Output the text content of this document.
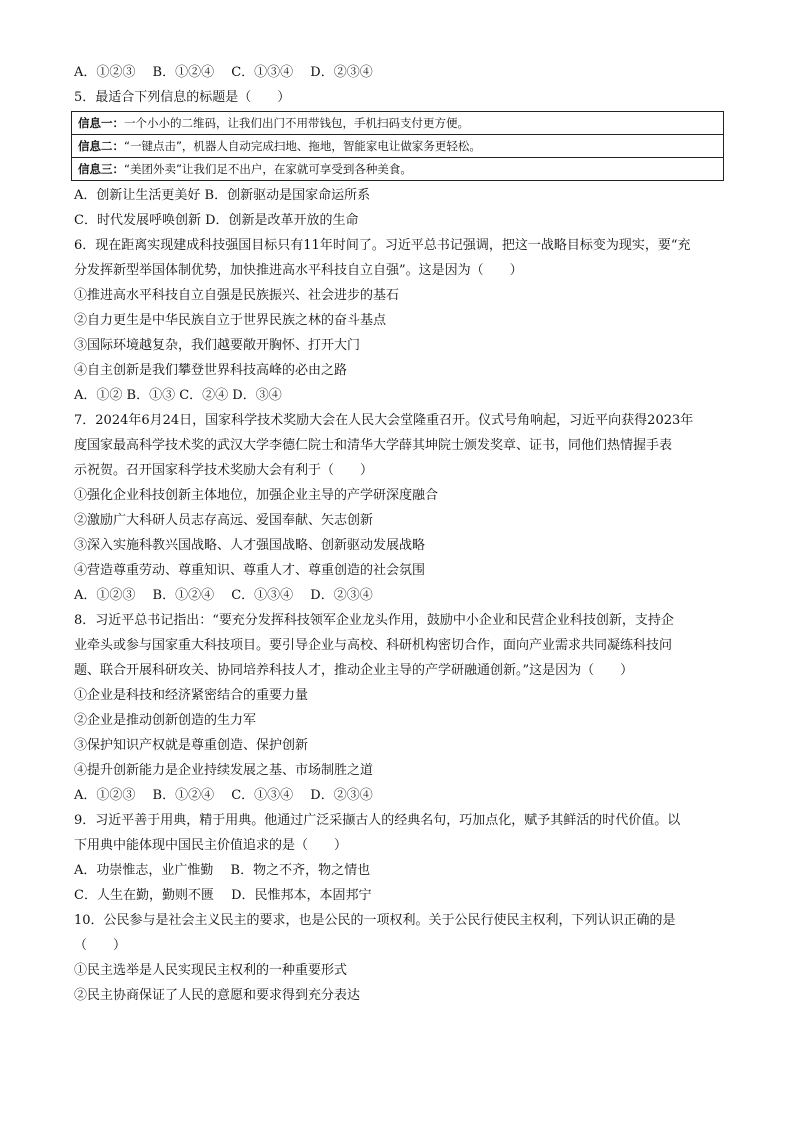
A．①②③　 B．①②④　 C．①③④　 D．②③④
5．最适合下列信息的标题是（　　）
信息一：一个小小的二维码，让我们出门不用带钱包，手机扫码支付更方便。
信息二：“一键点击”，机器人自动完成扫地、拖地，智能家电让做家务更轻松。
信息三：“美团外卖”让我们足不出户，在家就可享受到各种美食。
A．创新让生活更美好 B．创新驱动是国家命运所系
C．时代发展呼唤创新 D．创新是改革开放的生命
6．现在距离实现建成科技强国目标只有11年时间了。习近平总书记强调，把这一战略目标变为现实，要“充
分发挥新型举国体制优势，加快推进高水平科技自立自强”。这是因为（　　）
①推进高水平科技自立自强是民族振兴、社会进步的基石
②自力更生是中华民族自立于世界民族之林的奋斗基点
③国际环境越复杂，我们越要敞开胸怀、打开大门
④自主创新是我们攀登世界科技高峰的必由之路
A．①② B．①③ C．②④ D．③④
7．2024年6月24日，国家科学技术奖励大会在人民大会堂隆重召开。仪式号角响起，习近平向获得2023年
度国家最高科学技术奖的武汉大学李德仁院士和清华大学薛其坤院士颁发奖章、证书，同他们热情握手表
示祝贺。召开国家科学技术奖励大会有利于（　　）
①强化企业科技创新主体地位，加强企业主导的产学研深度融合
②激励广大科研人员志存高远、爱国奉献、矢志创新
③深入实施科教兴国战略、人才强国战略、创新驱动发展战略
④营造尊重劳动、尊重知识、尊重人才、尊重创造的社会氛围
A．①②③　 B．①②④　 C．①③④　 D．②③④
8．习近平总书记指出：“要充分发挥科技领军企业龙头作用，鼓励中小企业和民营企业科技创新，支持企
业牵头或参与国家重大科技项目。要引导企业与高校、科研机构密切合作，面向产业需求共同凝练科技问
题、联合开展科研攻关、协同培养科技人才，推动企业主导的产学研融通创新。”这是因为（　　）
①企业是科技和经济紧密结合的重要力量
②企业是推动创新创造的生力军
③保护知识产权就是尊重创造、保护创新
④提升创新能力是企业持续发展之基、市场制胜之道
A．①②③　 B．①②④　 C．①③④　 D．②③④
9．习近平善于用典，精于用典。他通过广泛采撷古人的经典名句，巧加点化，赋予其鲜活的时代价值。以
下用典中能体现中国民主价值追求的是（　　）
A．功崇惟志，业广惟勤　 B．物之不齐，物之情也
C．人生在勤，勤则不匮　 D．民惟邦本，本固邦宁
10．公民参与是社会主义民主的要求，也是公民的一项权利。关于公民行使民主权利，下列认识正确的是
（　　）
①民主选举是人民实现民主权利的一种重要形式
②民主协商保证了人民的意愿和要求得到充分表达
